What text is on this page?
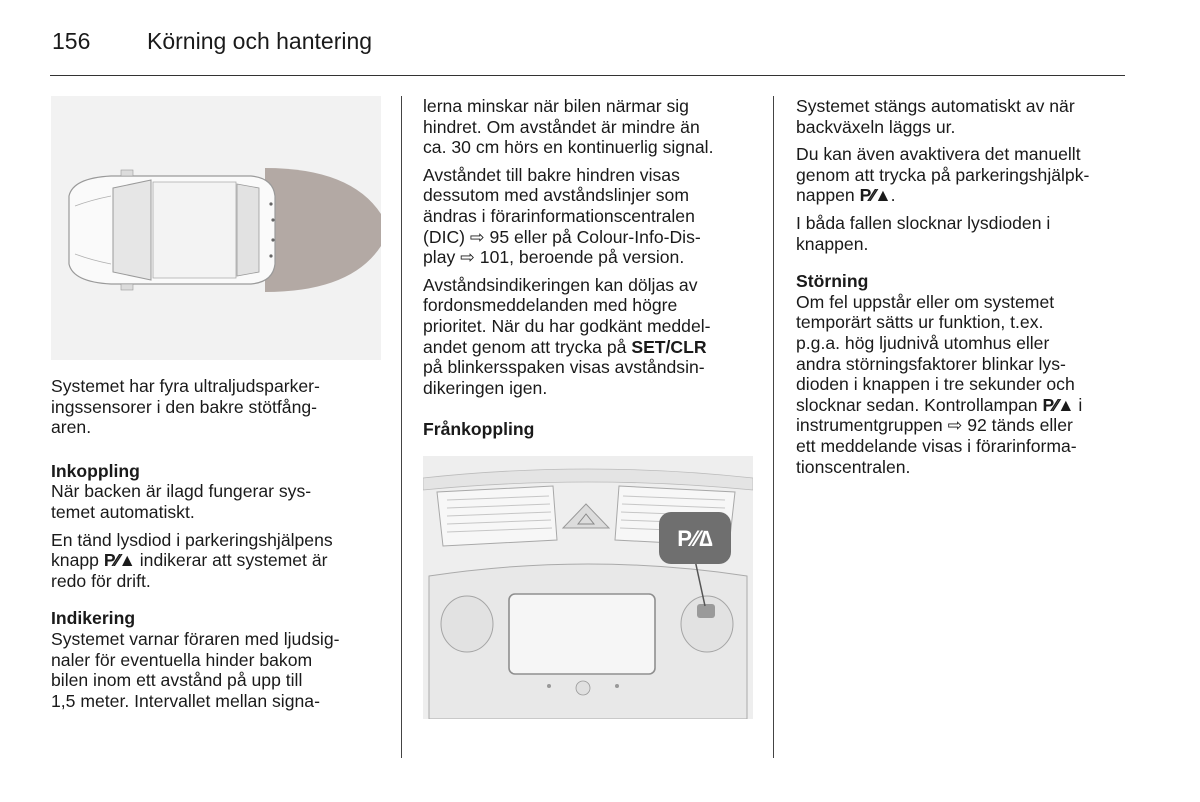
156 Körning och hantering
Systemet har fyra ultraljudsparker-
ingssensorer i den bakre stötfång-
aren.
Inkoppling
När backen är ilagd fungerar sys-
temet automatiskt.
En tänd lysdiod i parkeringshjälpens
knapp P⁄⁄▲ indikerar att systemet är
redo för drift.
Indikering
Systemet varnar föraren med ljudsig-
naler för eventuella hinder bakom
bilen inom ett avstånd på upp till
1,5 meter. Intervallet mellan signa-
lerna minskar när bilen närmar sig
hindret. Om avståndet är mindre än
ca. 30 cm hörs en kontinuerlig signal.
Avståndet till bakre hindren visas
dessutom med avståndslinjer som
ändras i förarinformationscentralen
(DIC) ⇨ 95 eller på Colour-Info-Dis-
play ⇨ 101, beroende på version.
Avståndsindikeringen kan döljas av
fordonsmeddelanden med högre
prioritet. När du har godkänt meddel-
andet genom att trycka på SET/CLR
på blinkersspaken visas avståndsin-
dikeringen igen.
Frånkoppling
P⁄⁄∆
Systemet stängs automatiskt av när
backväxeln läggs ur.
Du kan även avaktivera det manuellt
genom att trycka på parkeringshjälpk-
nappen P⁄⁄▲.
I båda fallen slocknar lysdioden i
knappen.
Störning
Om fel uppstår eller om systemet
temporärt sätts ur funktion, t.ex.
p.g.a. hög ljudnivå utomhus eller
andra störningsfaktorer blinkar lys-
dioden i knappen i tre sekunder och
slocknar sedan. Kontrollampan P⁄⁄▲ i
instrumentgruppen ⇨ 92 tänds eller
ett meddelande visas i förarinforma-
tionscentralen.
